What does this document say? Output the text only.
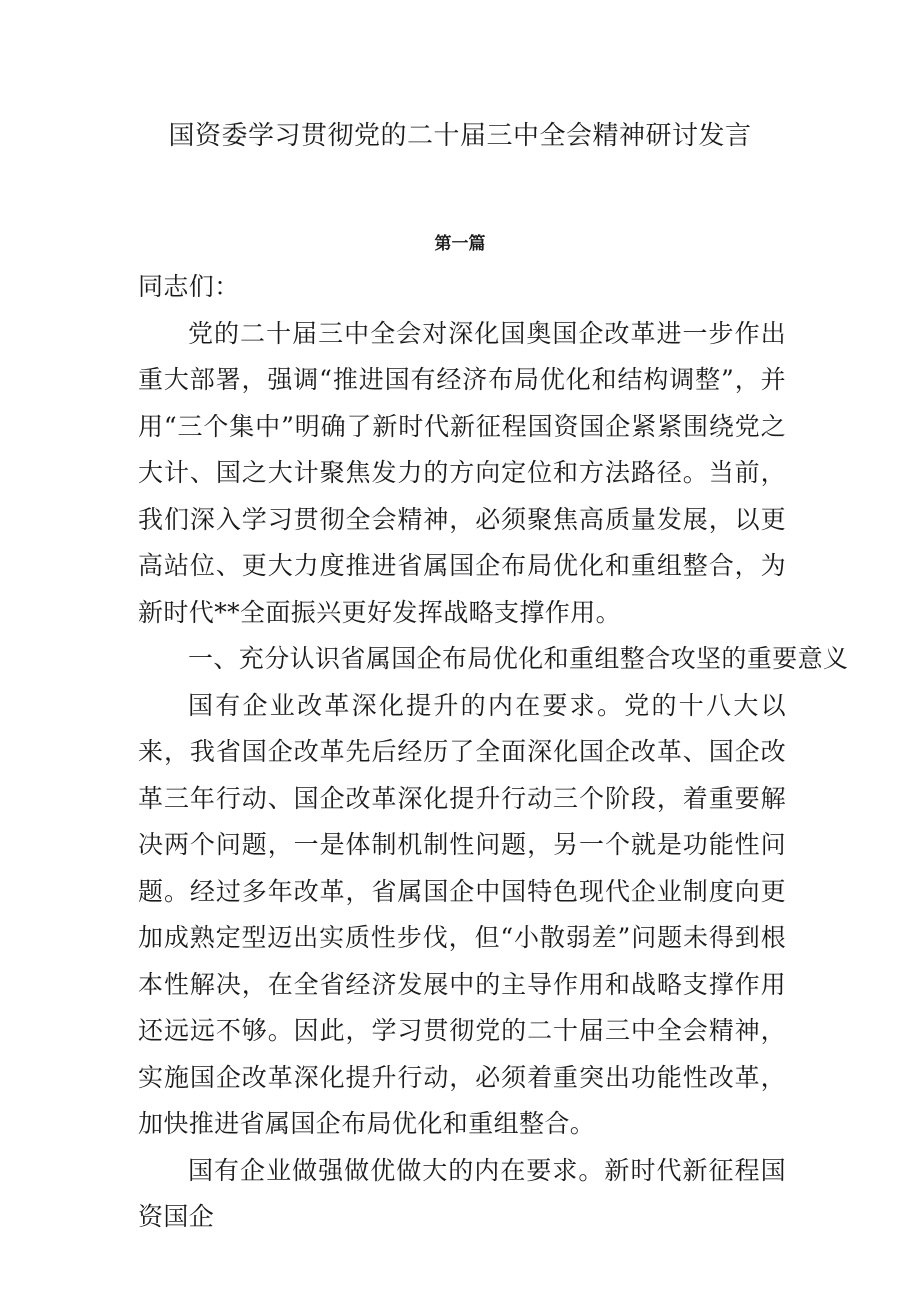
国资委学习贯彻党的二十届三中全会精神研讨发言
第一篇

同志们：

党的二十届三中全会对深化国奥国企改革进一步作出重大部署，强调“推进国有经济布局优化和结构调整”，并用“三个集中”明确了新时代新征程国资国企紧紧围绕党之大计、国之大计聚焦发力的方向定位和方法路径。当前，我们深入学习贯彻全会精神，必须聚焦高质量发展，以更高站位、更大力度推进省属国企布局优化和重组整合，为新时代**全面振兴更好发挥战略支撑作用。

一、充分认识省属国企布局优化和重组整合攻坚的重要意义

国有企业改革深化提升的内在要求。党的十八大以来，我省国企改革先后经历了全面深化国企改革、国企改革三年行动、国企改革深化提升行动三个阶段，着重要解决两个问题，一是体制机制性问题，另一个就是功能性问题。经过多年改革，省属国企中国特色现代企业制度向更加成熟定型迈出实质性步伐，但“小散弱差”问题未得到根本性解决，在全省经济发展中的主导作用和战略支撑作用还远远不够。因此，学习贯彻党的二十届三中全会精神，实施国企改革深化提升行动，必须着重突出功能性改革，加快推进省属国企布局优化和重组整合。

国有企业做强做优做大的内在要求。新时代新征程国资国企
